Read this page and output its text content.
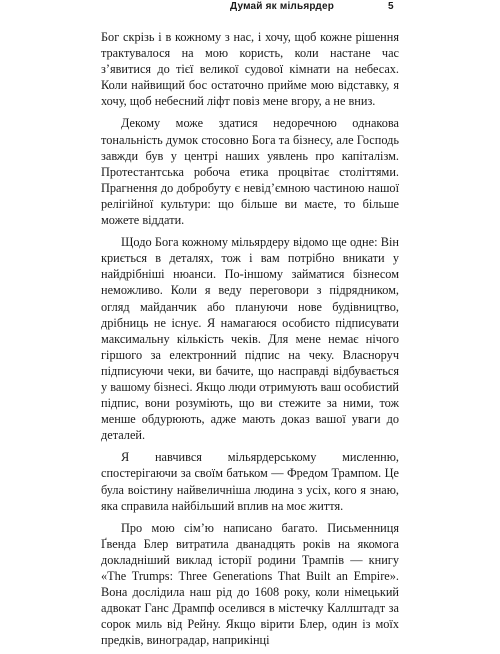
Думай як мільярдер	5

Бог скрізь і в кожному з нас, і хочу, щоб кожне рішення трактувалося на мою користь, коли настане час з’явитися до тієї великої судової кімнати на небесах. Коли найвищий бос остаточно прийме мою відставку, я хочу, щоб небесний ліфт повіз мене вгору, а не вниз.

Декому може здатися недоречною однакова тональність думок стосовно Бога та бізнесу, але Господь завжди був у центрі наших уявлень про капіталізм. Протестантська робоча етика процвітає століттями. Прагнення до добробуту є невід’ємною частиною нашої релігійної культури: що більше ви маєте, то більше можете віддати.

Щодо Бога кожному мільярдеру відомо ще одне: Він криється в деталях, тож і вам потрібно вникати у найдрібніші нюанси. По-іншому займатися бізнесом неможливо. Коли я веду переговори з підрядником, огляд майданчик або плануючи нове будівництво, дрібниць не існує. Я намагаюся особисто підписувати максимальну кількість чеків. Для мене немає нічого гіршого за електронний підпис на чеку. Власноруч підписуючи чеки, ви бачите, що насправді відбувається у вашому бізнесі. Якщо люди отримують ваш особистий підпис, вони розуміють, що ви стежите за ними, тож менше обдурюють, адже мають доказ вашої уваги до деталей.

Я навчився мільярдерському мисленню, спостерігаючи за своїм батьком — Фредом Трампом. Це була воістину найвеличніша людина з усіх, кого я знаю, яка справила найбільший вплив на моє життя.

Про мою сім’ю написано багато. Письменниця Ґвенда Блер витратила дванадцять років на якомога докладніший виклад історії родини Трампів — книгу «The Trumps: Three Generations That Built an Empire». Вона дослідила наш рід до 1608 року, коли німецький адвокат Ганс Дрампф оселився в містечку Каллштадт за сорок миль від Рейну. Якщо вірити Блер, один із моїх предків, виноградар, наприкінці
